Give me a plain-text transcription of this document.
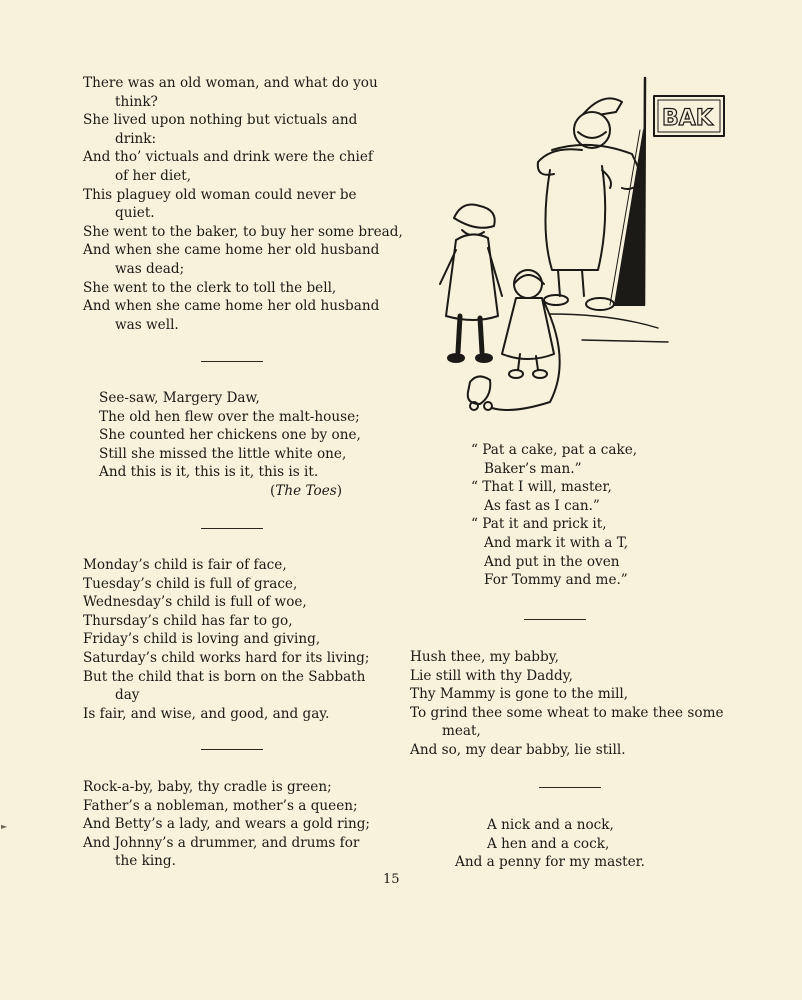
There was an old woman, and what do you
think?
She lived upon nothing but victuals and
drink:
And tho’ victuals and drink were the chief
of her diet,
This plaguey old woman could never be
quiet.
She went to the baker, to buy her some bread,
And when she came home her old husband
was dead;
She went to the clerk to toll the bell,
And when she came home her old husband
was well.
See-saw, Margery Daw,
The old hen flew over the malt-house;
She counted her chickens one by one,
Still she missed the little white one,
And this is it, this is it, this is it.
(The Toes)
Monday’s child is fair of face,
Tuesday’s child is full of grace,
Wednesday’s child is full of woe,
Thursday’s child has far to go,
Friday’s child is loving and giving,
Saturday’s child works hard for its living;
But the child that is born on the Sabbath
day
Is fair, and wise, and good, and gay.
Rock-a-by, baby, thy cradle is green;
Father’s a nobleman, mother’s a queen;
And Betty’s a lady, and wears a gold ring;
And Johnny’s a drummer, and drums for
the king.
BAK
“ Pat a cake, pat a cake,
Baker’s man.”
“ That I will, master,
As fast as I can.”
“ Pat it and prick it,
And mark it with a T,
And put in the oven
For Tommy and me.”
Hush thee, my babby,
Lie still with thy Daddy,
Thy Mammy is gone to the mill,
To grind thee some wheat to make thee some
meat,
And so, my dear babby, lie still.
A nick and a nock,
A hen and a cock,
And a penny for my master.
►
15
